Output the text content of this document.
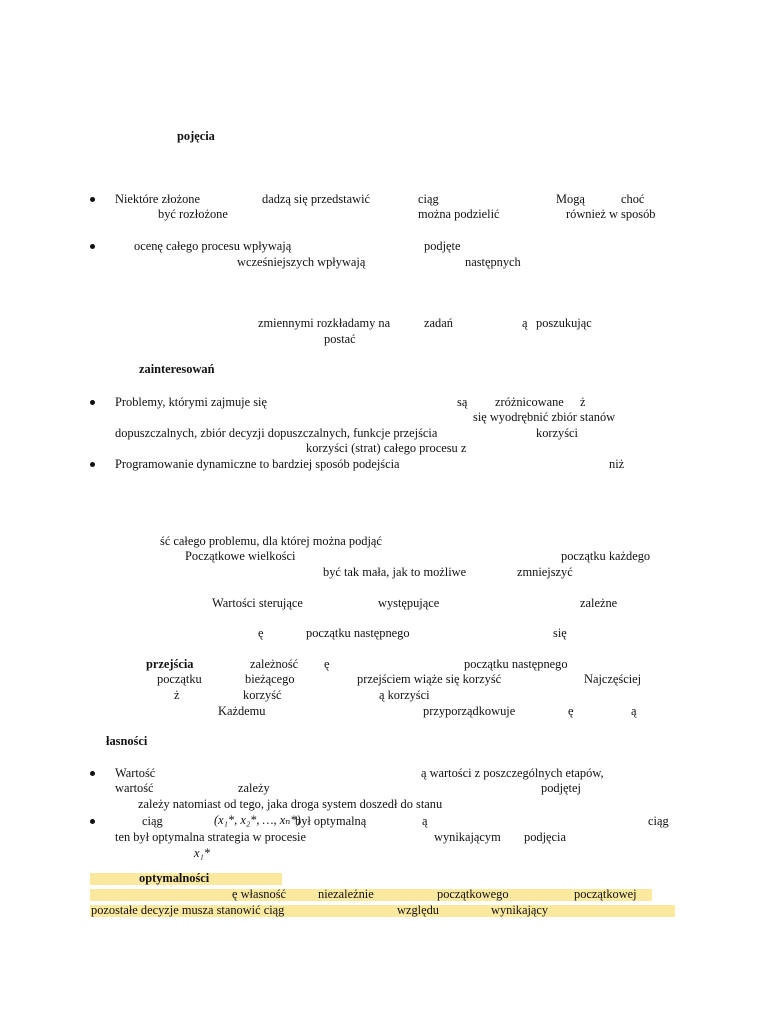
pojęcia
Niektóre złożone	dadzą się przedstawić	ciąg	Mogą	choć
być rozłożone	można podzielić	również w sposób
ocenę całego procesu wpływają	podjęte
wcześniejszych wpływają	następnych
zmiennymi rozkładamy na	zadań	ą poszukując
postać
zainteresowań
Problemy, którymi zajmuje się	są zróżnicowane ż
się wyodrębnić zbiór stanów
dopuszczalnych, zbiór decyzji dopuszczalnych, funkcje przejścia	korzyści
korzyści (strat) całego procesu z
Programowanie dynamiczne to bardziej sposób podejścia	niż
ść całego problemu, dla której można podjąć
Początkowe wielkości	początku każdego
być tak mała, jak to możliwe	zmniejszyć
Wartości sterujące	występujące	zależne
ę	początku następnego	się
przejścia	zależność ę	początku następnego
początku	bieżącego	przejściem wiąże się korzyść	Najczęściej
ż	korzyść	ą korzyści
Każdemu	przyporządkowuje	ę	ą
łasności
Wartość	ą wartości z poszczególnych etapów,
wartość	zależy	podjętej
zależy natomiast od tego, jaka droga system doszedł do stanu
ciąg	(x₁*, x₂*, …, xₙ*)
był optymalną	ą	ciąg
ten był optymalna strategia w procesie	wynikającym podjęcia
x₁*
optymalności
ę własność	niezależnie	początkowego	początkowej
pozostałe decyzje musza stanowić ciąg	względu	wynikający
